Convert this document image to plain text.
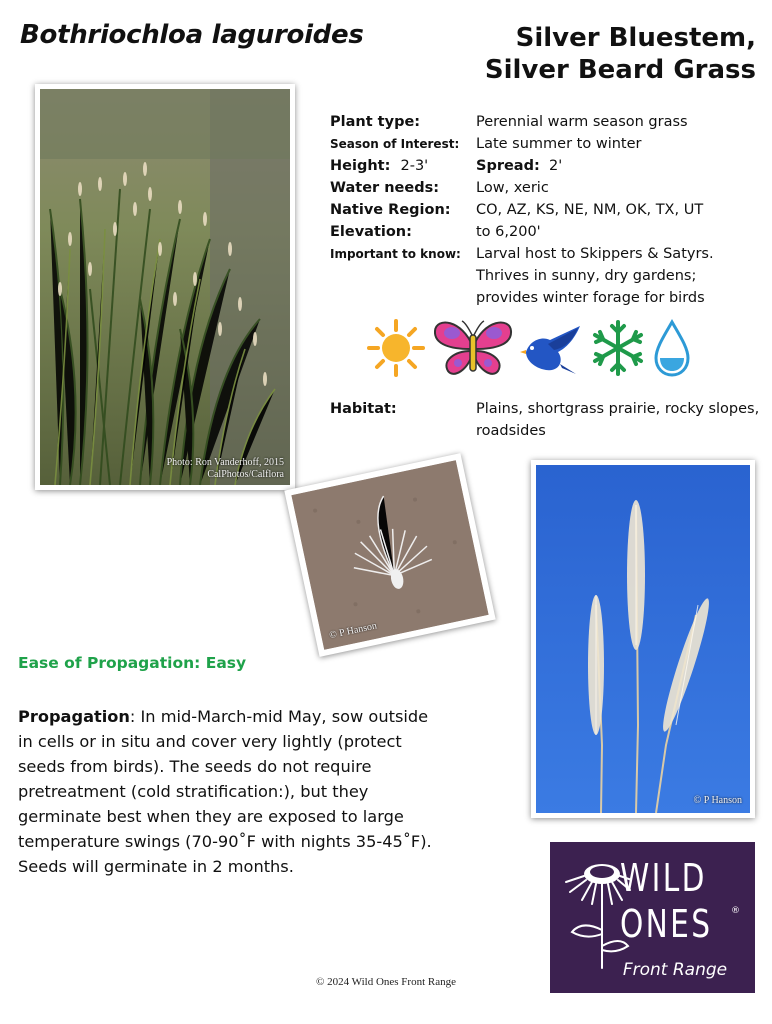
Bothriochloa laguroides	Silver Bluestem,
Silver Beard Grass
Photo: Ron Vanderhoff, 2015
CalPhotos/Calflora
Plant type:	Perennial warm season grass
Season of Interest:	Late summer to winter
Height: 2-3'	Spread: 2'
Water needs:	Low, xeric
Native Region:	CO, AZ, KS, NE, NM, OK, TX, UT
Elevation:	to 6,200'
Important to know:	Larval host to Skippers & Satyrs.
Thrives in sunny, dry gardens;
provides winter forage for birds
Habitat:	Plains, shortgrass prairie, rocky slopes,
roadsides
© P Hanson
© P Hanson
Ease of Propagation: Easy
Propagation: In mid-March-mid May, sow outside in cells or in situ and cover very lightly (protect seeds from birds). The seeds do not require pretreatment (cold stratification:), but they germinate best when they are exposed to large temperature swings (70-90˚F with nights 35-45˚F). Seeds will germinate in 2 months.	WILD
ONES ®
Front Range
© 2024 Wild Ones Front Range
